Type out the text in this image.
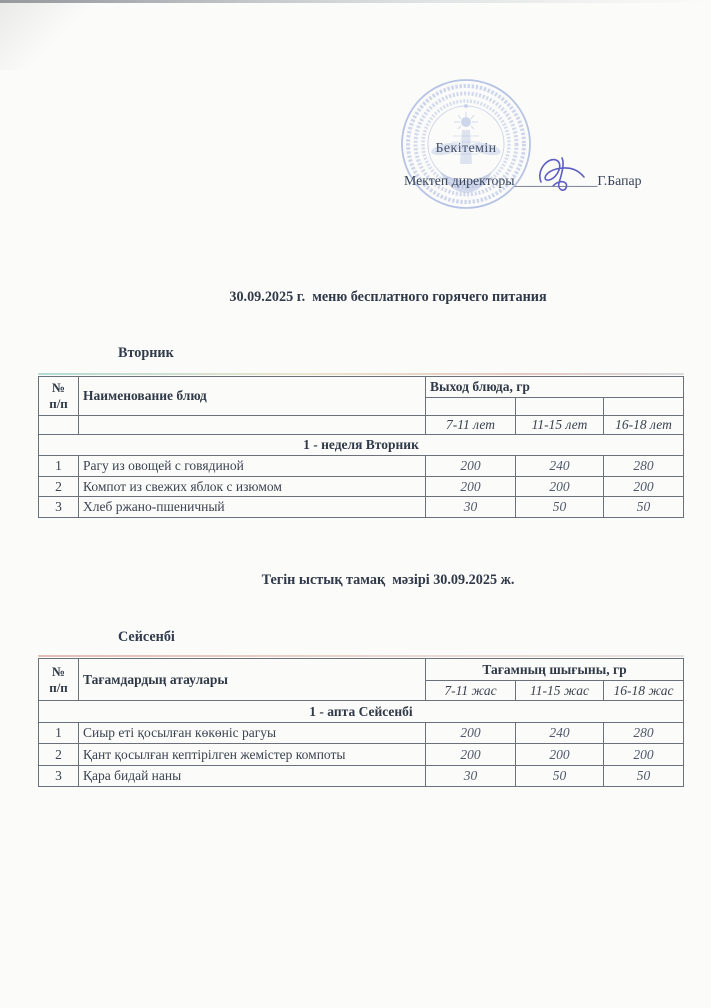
Бекітемін
Мектеп директоры____________Г.Бапар
30.09.2025 г.  меню бесплатного горячего питания
Вторник
№
п/п	Наименование блюд	Выход блюда, гр		

		7-11 лет	11-15 лет	16-18 лет
1 - неделя Вторник				
1	Рагу из овощей с говядиной	200	240	280
2	Компот из свежих яблок с изюмом	200	200	200
3	Хлеб ржано-пшеничный	30	50	50
Тегін ыстық тамақ  мәзірі 30.09.2025 ж.
Сейсенбі
№
п/п	Тағамдардың атаулары	Тағамның шығыны, гр		
		7-11 жас	11-15 жас	16-18 жас
1 - апта Сейсенбі				
1	Сиыр еті қосылған көкөніс рагуы	200	240	280
2	Қант қосылған кептірілген жемістер компоты	200	200	200
3	Қара бидай наны	30	50	50
